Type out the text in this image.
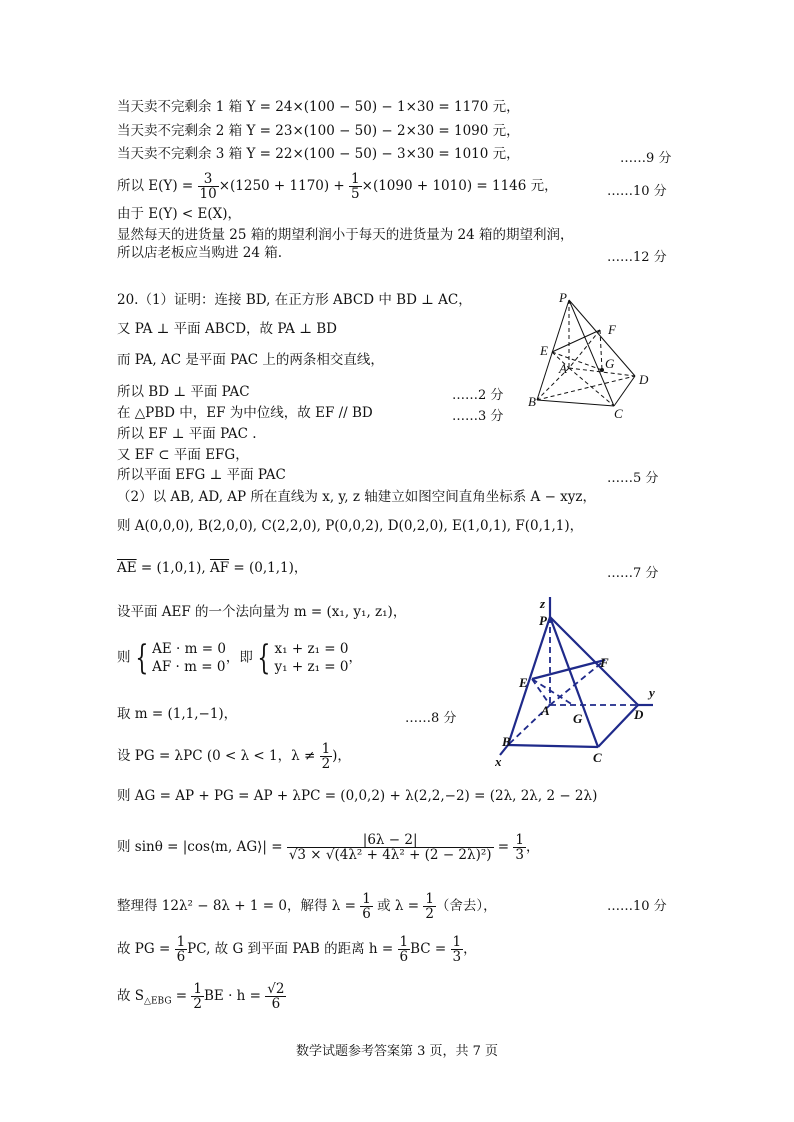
当天卖不完剩余 1 箱 Y = 24×(100 − 50) − 1×30 = 1170 元，
当天卖不完剩余 2 箱 Y = 23×(100 − 50) − 2×30 = 1090 元，
当天卖不完剩余 3 箱 Y = 22×(100 − 50) − 3×30 = 1010 元，	……9 分
所以 $E(Y) = \frac{3}{10} \times(1250 + 1170) + \frac{1}{5} \times(1090 + 1010) = 1146$ 元，	……10 分
由于 E(Y) < E(X)，
显然每天的进货量 25 箱的期望利润小于每天的进货量为 24 箱的期望利润，
所以店老板应当购进 24 箱.	……12 分
20.（1）证明：连接 BD, 在正方形 ABCD 中 BD ⊥ AC，
又 PA ⊥ 平面 ABCD，故 PA ⊥ BD
而 PA, AC 是平面 PAC 上的两条相交直线，
所以 BD ⊥ 平面 PAC	……2 分
在 △PBD 中，EF 为中位线，故 EF // BD	……3 分
所以 EF ⊥ 平面 PAC .
又 EF ⊂ 平面 EFG，
所以平面 EFG ⊥ 平面 PAC	……5 分
P
F
E
A	G
D
B
C
（2）以 AB, AD, AP 所在直线为 x, y, z 轴建立如图空间直角坐标系 A − xyz，
则 A(0,0,0), B(2,0,0), C(2,2,0), P(0,0,2), D(0,2,0), E(1,0,1), F(0,1,1)，
$\overline{AE} = (1,0,1)$, $\overline{AF} = (0,1,1)$，	……7 分
设平面 AEF 的一个法向量为 m = (x₁, y₁, z₁)，
则 { AE · m = 0
AF · m = 0
，即 { x₁ + z₁ = 0
y₁ + z₁ = 0
，
取 m = (1,1,−1)，	……8 分
设 PG = λPC (0 < λ < 1，$\lambda \ne \frac{1}{2}$ )，
z
P
F
E
A
G
y
D
B
x	C
则 AG = AP + PG = AP + λPC = (0,0,2) + λ(2,2,−2) = (2λ, 2λ, 2 − 2λ)
则 sinθ = |cos⟨m, AG⟩| = $\frac{|6\lambda - 2|}{\text{√3 × √(4λ² + 4λ² + (2 − 2λ)²)}} = \frac{1}{3}$ ，
整理得 12λ² − 8λ + 1 = 0，解得 $\lambda = \frac{1}{6}$ 或 $\lambda = \frac{1}{2}$ （舍去），	……10 分
故 PG = $\frac{1}{6}$ PC, 故 G 到平面 PAB 的距离 $h = \frac{1}{6}$ BC = $\frac{1}{3}$ ，
故 $S_{\triangle EBG} = \frac{1}{2}$ BE · $h = \frac{√2}{6}$
数学试题参考答案第 3 页，共 7 页
